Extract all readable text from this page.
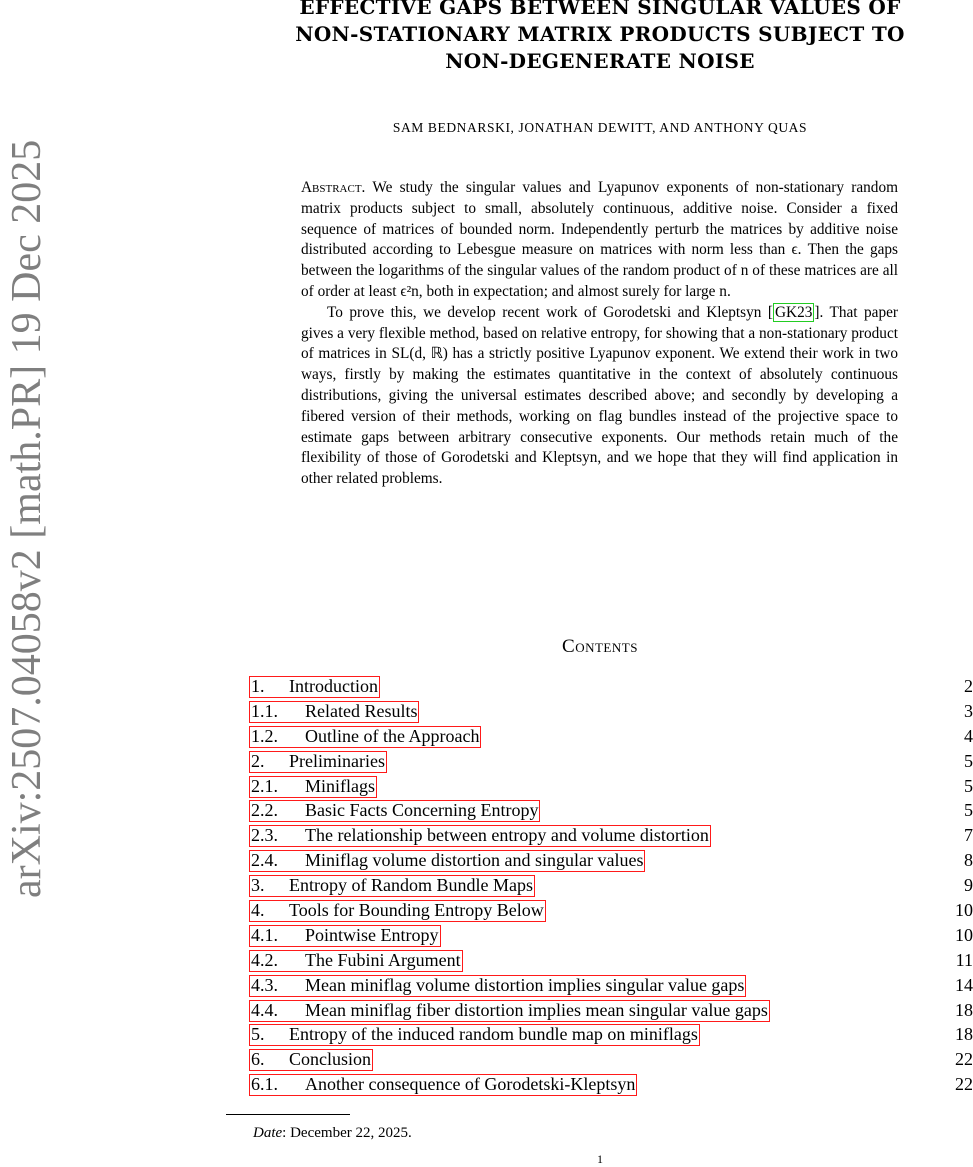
arXiv:2507.04058v2 [math.PR] 19 Dec 2025
EFFECTIVE GAPS BETWEEN SINGULAR VALUES OF
NON-STATIONARY MATRIX PRODUCTS SUBJECT TO
NON-DEGENERATE NOISE
SAM BEDNARSKI, JONATHAN DEWITT, AND ANTHONY QUAS

Abstract. We study the singular values and Lyapunov exponents of non-stationary random matrix products subject to small, absolutely continuous, additive noise. Consider a fixed sequence of matrices of bounded norm. Independently perturb the matrices by additive noise distributed according to Lebesgue measure on matrices with norm less than ϵ. Then the gaps between the logarithms of the singular values of the random product of n of these matrices are all of order at least ϵ²n, both in expectation; and almost surely for large n.

To prove this, we develop recent work of Gorodetski and Kleptsyn [ GK23 ]. That paper gives a very flexible method, based on relative entropy, for showing that a non-stationary product of matrices in SL(d, ℝ) has a strictly positive Lyapunov exponent. We extend their work in two ways, firstly by making the estimates quantitative in the context of absolutely continuous distributions, giving the universal estimates described above; and secondly by developing a fibered version of their methods, working on flag bundles instead of the projective space to estimate gaps between arbitrary consecutive exponents. Our methods retain much of the flexibility of those of Gorodetski and Kleptsyn, and we hope that they will find application in other related problems.

Contents
1. Introduction	2
1.1. Related Results	3
1.2. Outline of the Approach	4
2. Preliminaries	5
2.1. Miniflags	5
2.2. Basic Facts Concerning Entropy	5
2.3. The relationship between entropy and volume distortion	7
2.4. Miniflag volume distortion and singular values	8
3. Entropy of Random Bundle Maps	9
4. Tools for Bounding Entropy Below	10
4.1. Pointwise Entropy	10
4.2. The Fubini Argument	11
4.3. Mean miniflag volume distortion implies singular value gaps	14
4.4. Mean miniflag fiber distortion implies mean singular value gaps	18
5. Entropy of the induced random bundle map on miniflags	18
6. Conclusion	22
6.1. Another consequence of Gorodetski-Kleptsyn	22
Date: December 22, 2025.
1
